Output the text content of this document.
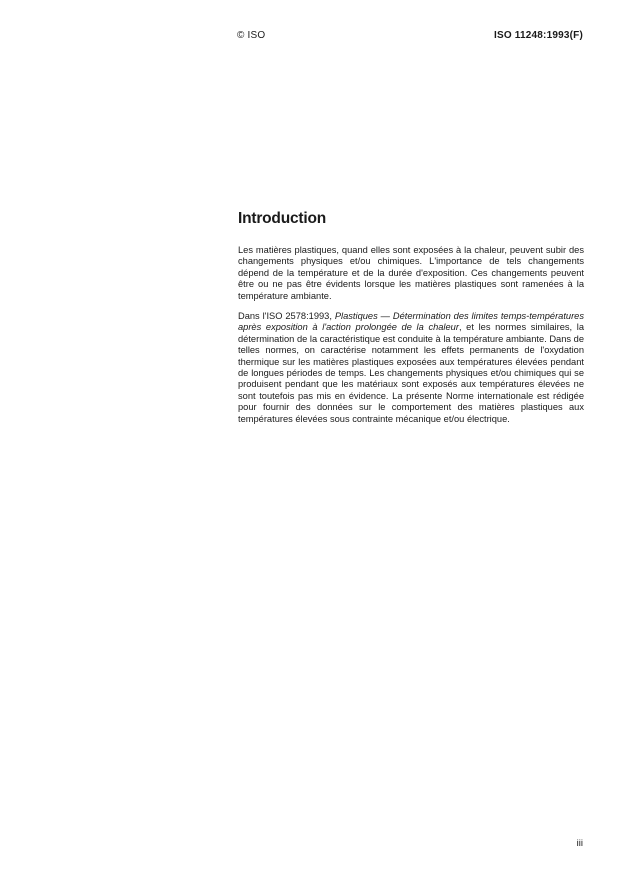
© ISO	ISO 11248:1993(F)
Introduction

Les matières plastiques, quand elles sont exposées à la chaleur, peuvent subir des changements physiques et/ou chimiques. L'importance de tels changements dépend de la température et de la durée d'exposition. Ces changements peuvent être ou ne pas être évidents lorsque les matières plastiques sont ramenées à la température ambiante.

Dans l'ISO 2578:1993, Plastiques — Détermination des limites temps-températures après exposition à l'action prolongée de la chaleur, et les normes similaires, la détermination de la caractéristique est conduite à la température ambiante. Dans de telles normes, on caractérise notamment les effets permanents de l'oxydation thermique sur les matières plastiques exposées aux températures élevées pendant de longues périodes de temps. Les changements physiques et/ou chimiques qui se produisent pendant que les matériaux sont exposés aux températures élevées ne sont toutefois pas mis en évidence. La présente Norme internationale est rédigée pour fournir des données sur le comportement des matières plastiques aux températures élevées sous contrainte mécanique et/ou électrique.

iii
